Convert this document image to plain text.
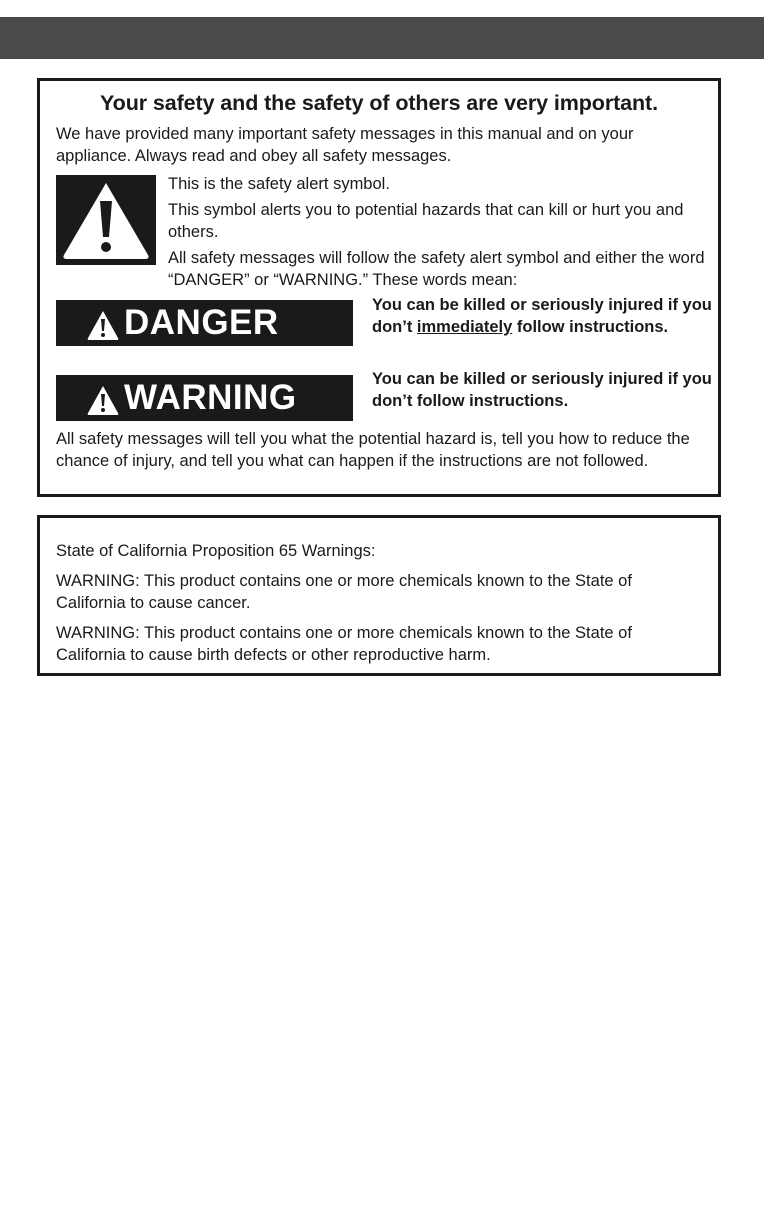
Your safety and the safety of others are very important.

We have provided many important safety messages in this manual and on your appliance. Always read and obey all safety messages.

This is the safety alert symbol.

This symbol alerts you to potential hazards that can kill or hurt you and others.

All safety messages will follow the safety alert symbol and either the word “DANGER” or “WARNING.” These words mean:

DANGER	You can be killed or seriously injured if you don’t immediately follow instructions.

WARNING	You can be killed or seriously injured if you don’t follow instructions.

All safety messages will tell you what the potential hazard is, tell you how to reduce the chance of injury, and tell you what can happen if the instructions are not followed.

State of California Proposition 65 Warnings:

WARNING: This product contains one or more chemicals known to the State of California to cause cancer.

WARNING: This product contains one or more chemicals known to the State of California to cause birth defects or other reproductive harm.
